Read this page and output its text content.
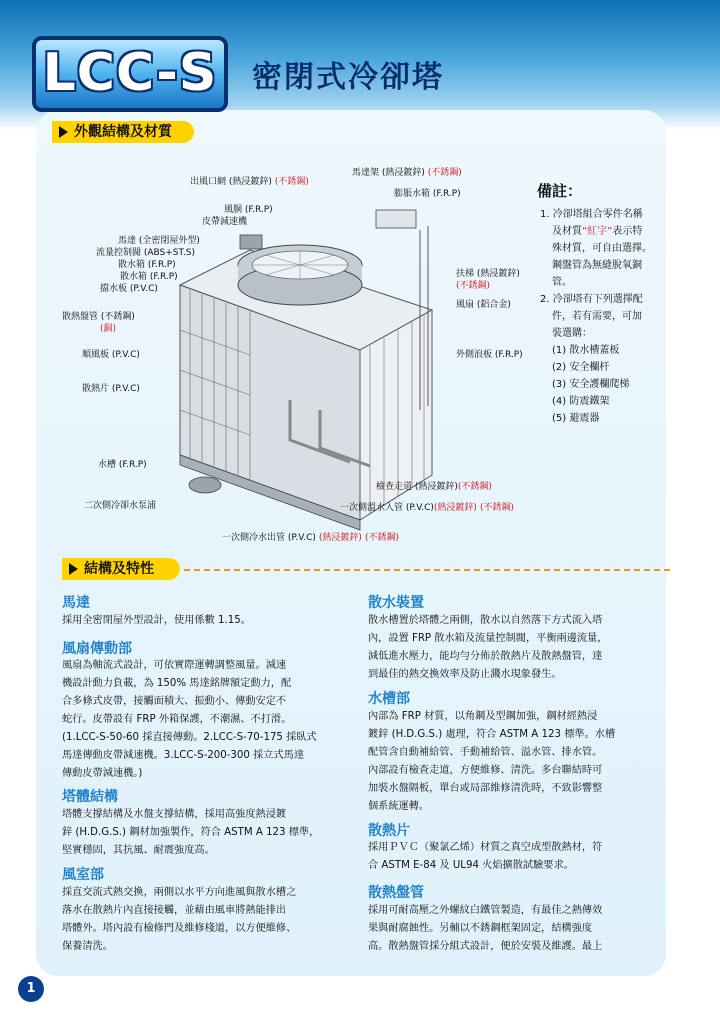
LCC-S	密閉式冷卻塔
外觀結構及材質
出風口網 (熱浸鍍鋅) (不銹鋼)
馬達架 (熱浸鍍鋅) (不銹鋼)
膨脹水箱 (F.R.P)
風胴 (F.R.P)
皮帶減速機
馬達 (全密閉屋外型)
流量控制閥 (ABS+ST.S)
散水箱 (F.R.P)
散水箱 (F.R.P)
擋水板 (P.V.C)
散熱盤管 (不銹鋼)
(銅)
順風板 (P.V.C)
散熱片 (P.V.C)
水槽 (F.R.P)
二次側冷卻水泵浦
扶梯 (熱浸鍍鋅)
(不銹鋼)
風扇 (鋁合金)
外側浪板 (F.R.P)
檢查走道 (熱浸鍍鋅)(不銹鋼)
一次側溫水入管 (P.V.C)(熱浸鍍鋅) (不銹鋼)
一次側冷水出管 (P.V.C) (熱浸鍍鋅) (不銹鋼)
備註：
1. 冷卻塔組合零件名稱
及材質“紅字”表示特
殊材質，可自由選擇。
鋼盤管為無縫脫氧銅
管。
2. 冷卻塔有下列選擇配
件，若有需要，可加
裝選購：
(1) 散水槽蓋板
(2) 安全欄杆
(3) 安全護欄爬梯
(4) 防震鐵架
(5) 避震器
結構及特性
馬達
採用全密閉屋外型設計，使用係數 1.15。
風扇傳動部
風扇為軸流式設計，可依實際運轉調整風量。減速
機設計動力負載，為 150% 馬達銘牌額定動力，配
合多條式皮帶，接觸面積大、振動小、傳動安定不
蛇行。皮帶設有 FRP 外箱保護，不潮濕、不打滑。
(1.LCC-S-50-60 採直接傳動。2.LCC-S-70-175 採臥式
馬達傳動皮帶減速機。3.LCC-S-200-300 採立式馬達
傳動皮帶減速機。)
塔體結構
塔體支撐結構及水盤支撐結構，採用高強度熱浸鍍
鋅 (H.D.G.S.) 鋼材加強製作，符合 ASTM A 123 標準，
堅實穩固，其抗風、耐震強度高。
風室部
採直交流式熱交換，兩側以水平方向進風與散水槽之
落水在散熱片內直接接觸，並藉由風車將熱能排出
塔體外。塔內設有檢修門及維修棧道，以方便維修、
保養清洗。
散水裝置
散水槽置於塔體之兩側，散水以自然落下方式流入塔
內，設置 FRP 散水箱及流量控制閥，平衡兩邊流量，
減低進水壓力，能均勻分佈於散熱片及散熱盤管，達
到最佳的熱交換效率及防止濺水現象發生。
水槽部
內部為 FRP 材質，以角鋼及型鋼加強，鋼材經熱浸
鍍鋅 (H.D.G.S.) 處理，符合 ASTM A 123 標準。水槽
配管含自動補給管、手動補給管、溢水管、排水管。
內部設有檢查走道，方便維修、清洗。多台聯結時可
加裝水盤隔板，單台或局部維修清洗時，不致影響整
個系統運轉。
散熱片
採用ＰＶＣ（聚氯乙烯）材質之真空成型散熱材，符
合 ASTM E-84 及 UL94 火焰擴散試驗要求。
散熱盤管
採用可耐高壓之外螺紋白鐵管製造，有最佳之熱傳效
果與耐腐蝕性。另輔以不銹鋼框架固定，結構強度
高。散熱盤管採分組式設計，便於安裝及維護。最上
1
